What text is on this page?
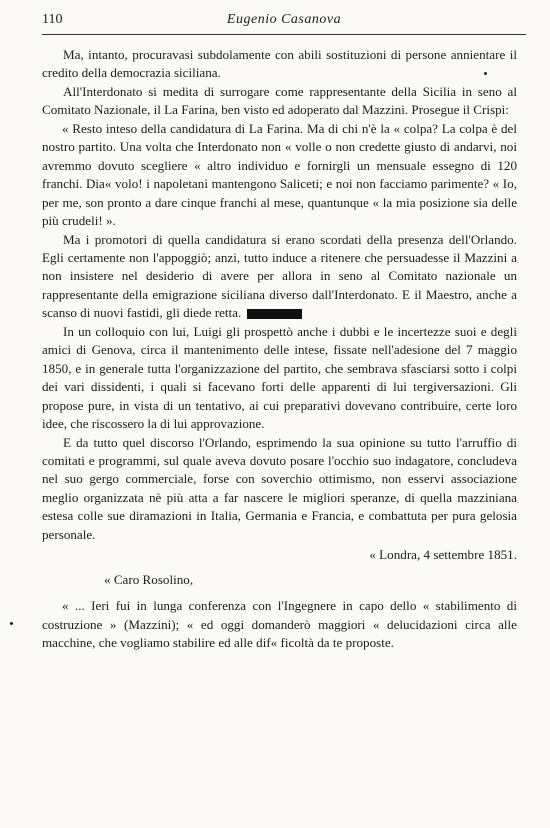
110	Eugenio Casanova

Ma, intanto, procuravasi subdolamente con abili sostituzioni di persone annientare il credito della democrazia siciliana.

All'Interdonato si medita di surrogare come rappresentante della Sicilia in seno al Comitato Nazionale, il La Farina, ben visto ed adoperato dal Mazzini. Prosegue il Crispi:

« Resto inteso della candidatura di La Farina. Ma di chi n'è la « colpa? La colpa è del nostro partito. Una volta che Interdonato non « volle o non credette giusto di andarvi, noi avremmo dovuto scegliere « altro individuo e fornirgli un mensuale essegno di 120 franchi. Dia« volo! i napoletani mantengono Saliceti; e noi non facciamo parimente? « Io, per me, son pronto a dare cinque franchi al mese, quantunque « la mia posizione sia delle più crudeli! ».

Ma i promotori di quella candidatura si erano scordati della presenza dell'Orlando. Egli certamente non l'appoggiò; anzi, tutto induce a ritenere che persuadesse il Mazzini a non insistere nel desiderio di avere per allora in seno al Comitato nazionale un rappresentante della emigrazione siciliana diverso dall'Interdonato. E il Maestro, anche a scanso di nuovi fastidi, gli diede retta.

In un colloquio con lui, Luigi gli prospettò anche i dubbi e le incertezze suoi e degli amici di Genova, circa il mantenimento delle intese, fissate nell'adesione del 7 maggio 1850, e in generale tutta l'organizzazione del partito, che sembrava sfasciarsi sotto i colpi dei vari dissidenti, i quali si facevano forti delle apparenti di lui tergiversazioni. Gli propose pure, in vista di un tentativo, ai cui preparativi dovevano contribuire, certe loro idee, che riscossero la di lui approvazione.

E da tutto quel discorso l'Orlando, esprimendo la sua opinione su tutto l'arruffio di comitati e programmi, sul quale aveva dovuto posare l'occhio suo indagatore, concludeva nel suo gergo commerciale, forse con soverchio ottimismo, non esservi associazione meglio organizzata nè più atta a far nascere le migliori speranze, di quella mazziniana estesa colle sue diramazioni in Italia, Germania e Francia, e combattuta per pura gelosia personale.

« Londra, 4 settembre 1851.

« Caro Rosolino,

« ... Ieri fui in lunga conferenza con l'Ingegnere in capo dello « stabilimento di costruzione » (Mazzini); « ed oggi domanderò maggiori « delucidazioni circa alle macchine, che vogliamo stabilire ed alle dif« ficoltà da te proposte.
